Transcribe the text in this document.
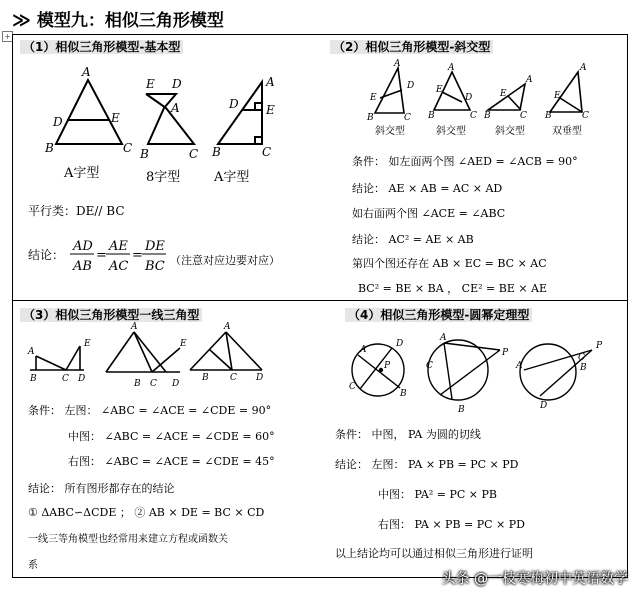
≫ 模型九：相似三角形模型
+
（1）相似三角形模型-基本型
A
D	E
B	C
E D
A
B	C
A
D E
B	C
A字型	8字型	A字型
平行类：DE// BC
结论：
AD
AB
=
AE
AC
=
DE
BC （注意对应边要对应）
（2）相似三角形模型-斜交型
A
E
D
B	C
A
E
D
B	C
A
E
B	C
A
E
B	C
斜交型	斜交型	斜交型	双垂型
条件： 如左面两个图 ∠AED = ∠ACB = 90°
结论： AE × AB = AC × AD
如右面两个图 ∠ACE = ∠ABC
结论： AC² = AE × AB
第四个图还存在 AB × EC = BC × AC
BC² = BE × BA ， CE² = BE × AE
（3）相似三角形模型一线三角型
A
B	C D
E
A
B C D
E
A
B C D
条件： 左图： ∠ABC = ∠ACE = ∠CDE = 90°
中图： ∠ABC = ∠ACE = ∠CDE = 60°
右图： ∠ABC = ∠ACE = ∠CDE = 45°
结论： 所有图形都存在的结论
① ΔABC∽ΔCDE ； ② AB × DE = BC × CD
一线三等角模型也经常用来建立方程或函数关
系
（4）相似三角形模型-圆幂定理型
A
D
P
C
B
A
P
B
C	A
P
B
C
D
条件： 中图， PA 为圆的切线
结论： 左图： PA × PB = PC × PD
中图： PA² = PC × PB
右图： PA × PB = PC × PD
以上结论均可以通过相似三角形进行证明
头条 @一枝寒梅初中英语数学
